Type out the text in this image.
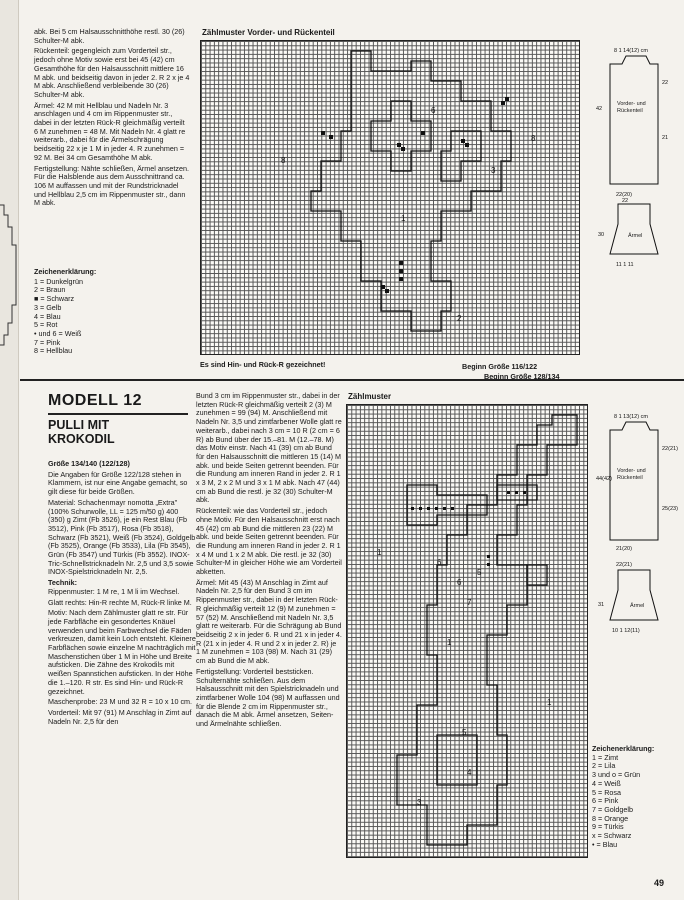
abk. Bei 5 cm Halsausschnitthöhe restl. 30 (26) Schulter-M abk.

Rückenteil: gegengleich zum Vorderteil str., jedoch ohne Motiv sowie erst bei 45 (42) cm Gesamthöhe für den Halsausschnitt mittlere 16 M abk. und beidseitig davon in jeder 2. R 2 x je 4 M abk. Anschließend verbleibende 30 (26) Schulter-M abk.

Ärmel: 42 M mit Hellblau und Nadeln Nr. 3 anschlagen und 4 cm im Rippenmuster str., dabei in der letzten Rück-R gleichmäßig verteilt 6 M zunehmen = 48 M. Mit Nadeln Nr. 4 glatt re weiterarb., dabei für die Ärmelschrägung beidseitig 22 x je 1 M in jeder 4. R zunehmen = 92 M. Bei 34 cm Gesamthöhe M abk.

Fertigstellung: Nähte schließen, Ärmel ansetzen. Für die Halsblende aus dem Ausschnittrand ca. 106 M auffassen und mit der Rundstricknadel und Hellblau 2,5 cm im Rippenmuster str., dann M abk.

Zeichenerklärung:
1 = Dunkelgrün
2 = Braun
■ = Schwarz
3 = Gelb
4 = Blau
5 = Rot
• und 6 = Weiß
7 = Pink
8 = Hellblau
Zählmuster Vorder- und Rückenteil
8
6
1
2
3
8
Es sind Hin- und Rück-R gezeichnet!	Beginn Größe 116/122
Beginn Größe 128/134
8 1 14(12) cm
22
21
42
22(20)
22
30
11 1 11
Vorder- und Rückenteil
Ärmel
MODELL 12
PULLI MIT
KROKODIL

Größe 134/140 (122/128)

Die Angaben für Größe 122/128 stehen in Klammern, ist nur eine Angabe gemacht, so gilt diese für beide Größen.

Material: Schachenmayr nomotta „Extra" (100% Schurwolle, LL = 125 m/50 g) 400 (350) g Zimt (Fb 3526), je ein Rest Blau (Fb 3512), Pink (Fb 3517), Rosa (Fb 3518), Schwarz (Fb 3521), Weiß (Fb 3524), Goldgelb (Fb 3525), Orange (Fb 3533), Lila (Fb 3545), Grün (Fb 3547) und Türkis (Fb 3552). INOX-Tric-Schnellstricknadeln Nr. 2,5 und 3,5 sowie INOX-Spielstricknadeln Nr. 2,5.

Technik:

Rippenmuster: 1 M re, 1 M li im Wechsel.

Glatt rechts: Hin-R rechte M, Rück-R linke M.

Motiv: Nach dem Zählmuster glatt re str. Für jede Farbfläche ein gesondertes Knäuel verwenden und beim Farbwechsel die Fäden verkreuzen, damit kein Loch entsteht. Kleinere Farbflächen sowie einzelne M nachträglich mit Maschenstichen über 1 M in Höhe und Breite aufsticken. Die Zähne des Krokodils mit weißen Spannstichen aufsticken. In der Höhe die 1.–120. R str. Es sind Hin- und Rück-R gezeichnet.

Maschenprobe: 23 M und 32 R = 10 x 10 cm.

Vorderteil: Mit 97 (91) M Anschlag in Zimt auf Nadeln Nr. 2,5 für den

Bund 3 cm im Rippenmuster str., dabei in der letzten Rück-R gleichmäßig verteilt 2 (3) M zunehmen = 99 (94) M. Anschließend mit Nadeln Nr. 3,5 und zimtfarbener Wolle glatt re weiterarb., dabei nach 3 cm = 10 R (2 cm = 6 R) ab Bund über der 15.–81. M (12.–78. M) das Motiv einstr. Nach 41 (39) cm ab Bund für den Halsausschnitt die mittleren 15 (14) M abk. und beide Seiten getrennt beenden. Für die Rundung am inneren Rand in jeder 2. R 1 x 3 M, 2 x 2 M und 3 x 1 M abk. Nach 47 (44) cm ab Bund die restl. je 32 (30) Schulter-M abk.

Rückenteil: wie das Vorderteil str., jedoch ohne Motiv. Für den Halsausschnitt erst nach 45 (42) cm ab Bund die mittleren 23 (22) M abk. und beide Seiten getrennt beenden. Für die Rundung am inneren Rand in jeder 2. R 1 x 4 M und 1 x 2 M abk. Die restl. je 32 (30) Schulter-M in gleicher Höhe wie am Vorderteil abketten.

Ärmel: Mit 45 (43) M Anschlag in Zimt auf Nadeln Nr. 2,5 für den Bund 3 cm im Rippenmuster str., dabei in der letzten Rück-R gleichmäßig verteilt 12 (9) M zunehmen = 57 (52) M. Anschließend mit Nadeln Nr. 3,5 glatt re weiterarb. Für die Schrägung ab Bund beidseitig 2 x in jeder 6. R und 21 x in jeder 4. R (21 x in jeder 4. R und 2 x in jeder 2. R) je 1 M zunehmen = 103 (98) M. Nach 31 (29) cm ab Bund die M abk.

Fertigstellung: Vorderteil beststicken. Schulternähte schließen. Aus dem Halsausschnitt mit den Spielstricknadeln und zimtfarbener Wolle 104 (98) M auffassen und für die Blende 2 cm im Rippenmuster str., danach die M abk. Ärmel ansetzen, Seiten- und Ärmelnähte schließen.

Zählmuster
6
6
5
7
1
5
4
3
1
1
8 1 13(12) cm
22(21)
25(23)
44(42)
21(20)
22(21)
31
10 1 12(11)
Vorder- und Rückenteil
Ärmel
Zeichenerklärung:
1 = Zimt
2 = Lila
3 und o = Grün
4 = Weiß
5 = Rosa
6 = Pink
7 = Goldgelb
8 = Orange
9 = Türkis
x = Schwarz
• = Blau
49
